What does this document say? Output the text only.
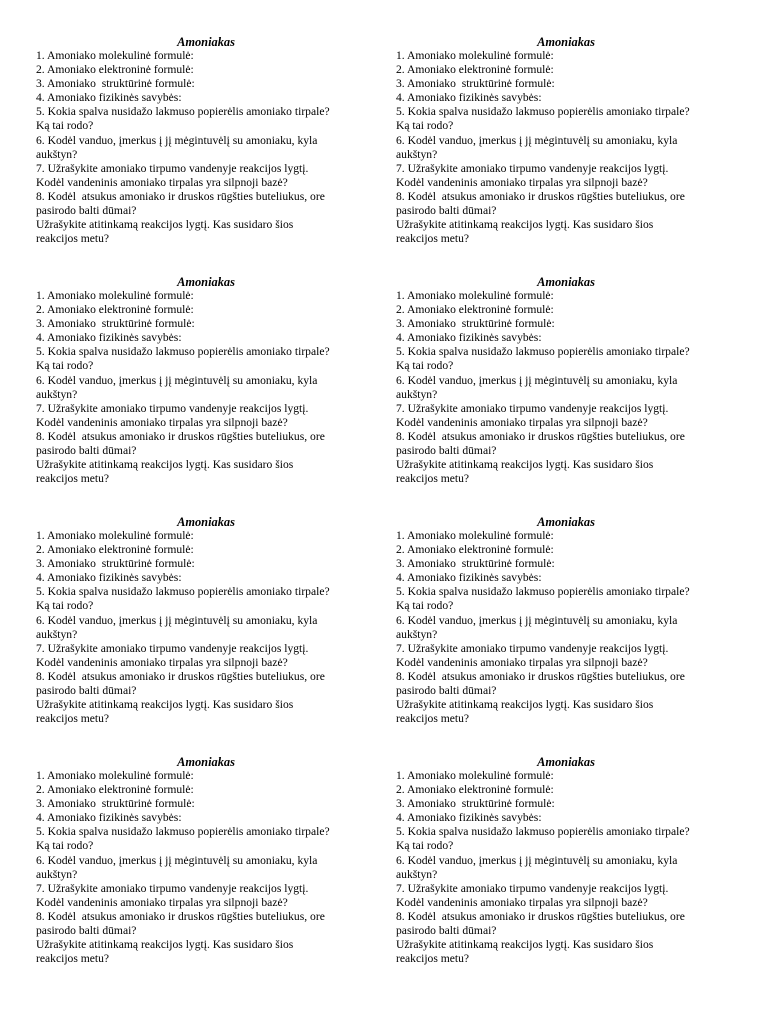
Amoniakas
1. Amoniako molekulinė formulė:
2. Amoniako elektroninė formulė:
3. Amoniako  struktūrinė formulė:
4. Amoniako fizikinės savybės:
5. Kokia spalva nusidažo lakmuso popierėlis amoniako tirpale?
Ką tai rodo?
6. Kodėl vanduo, įmerkus į jį mėgintuvėlį su amoniaku, kyla
aukštyn?
7. Užrašykite amoniako tirpumo vandenyje reakcijos lygtį.
Kodėl vandeninis amoniako tirpalas yra silpnoji bazė?
8. Kodėl  atsukus amoniako ir druskos rūgšties buteliukus, ore
pasirodo balti dūmai?
Užrašykite atitinkamą reakcijos lygtį. Kas susidaro šios
reakcijos metu?
Amoniakas
1. Amoniako molekulinė formulė:
2. Amoniako elektroninė formulė:
3. Amoniako  struktūrinė formulė:
4. Amoniako fizikinės savybės:
5. Kokia spalva nusidažo lakmuso popierėlis amoniako tirpale?
Ką tai rodo?
6. Kodėl vanduo, įmerkus į jį mėgintuvėlį su amoniaku, kyla
aukštyn?
7. Užrašykite amoniako tirpumo vandenyje reakcijos lygtį.
Kodėl vandeninis amoniako tirpalas yra silpnoji bazė?
8. Kodėl  atsukus amoniako ir druskos rūgšties buteliukus, ore
pasirodo balti dūmai?
Užrašykite atitinkamą reakcijos lygtį. Kas susidaro šios
reakcijos metu?
Amoniakas
1. Amoniako molekulinė formulė:
2. Amoniako elektroninė formulė:
3. Amoniako  struktūrinė formulė:
4. Amoniako fizikinės savybės:
5. Kokia spalva nusidažo lakmuso popierėlis amoniako tirpale?
Ką tai rodo?
6. Kodėl vanduo, įmerkus į jį mėgintuvėlį su amoniaku, kyla
aukštyn?
7. Užrašykite amoniako tirpumo vandenyje reakcijos lygtį.
Kodėl vandeninis amoniako tirpalas yra silpnoji bazė?
8. Kodėl  atsukus amoniako ir druskos rūgšties buteliukus, ore
pasirodo balti dūmai?
Užrašykite atitinkamą reakcijos lygtį. Kas susidaro šios
reakcijos metu?
Amoniakas
1. Amoniako molekulinė formulė:
2. Amoniako elektroninė formulė:
3. Amoniako  struktūrinė formulė:
4. Amoniako fizikinės savybės:
5. Kokia spalva nusidažo lakmuso popierėlis amoniako tirpale?
Ką tai rodo?
6. Kodėl vanduo, įmerkus į jį mėgintuvėlį su amoniaku, kyla
aukštyn?
7. Užrašykite amoniako tirpumo vandenyje reakcijos lygtį.
Kodėl vandeninis amoniako tirpalas yra silpnoji bazė?
8. Kodėl  atsukus amoniako ir druskos rūgšties buteliukus, ore
pasirodo balti dūmai?
Užrašykite atitinkamą reakcijos lygtį. Kas susidaro šios
reakcijos metu?
Amoniakas
1. Amoniako molekulinė formulė:
2. Amoniako elektroninė formulė:
3. Amoniako  struktūrinė formulė:
4. Amoniako fizikinės savybės:
5. Kokia spalva nusidažo lakmuso popierėlis amoniako tirpale?
Ką tai rodo?
6. Kodėl vanduo, įmerkus į jį mėgintuvėlį su amoniaku, kyla
aukštyn?
7. Užrašykite amoniako tirpumo vandenyje reakcijos lygtį.
Kodėl vandeninis amoniako tirpalas yra silpnoji bazė?
8. Kodėl  atsukus amoniako ir druskos rūgšties buteliukus, ore
pasirodo balti dūmai?
Užrašykite atitinkamą reakcijos lygtį. Kas susidaro šios
reakcijos metu?
Amoniakas
1. Amoniako molekulinė formulė:
2. Amoniako elektroninė formulė:
3. Amoniako  struktūrinė formulė:
4. Amoniako fizikinės savybės:
5. Kokia spalva nusidažo lakmuso popierėlis amoniako tirpale?
Ką tai rodo?
6. Kodėl vanduo, įmerkus į jį mėgintuvėlį su amoniaku, kyla
aukštyn?
7. Užrašykite amoniako tirpumo vandenyje reakcijos lygtį.
Kodėl vandeninis amoniako tirpalas yra silpnoji bazė?
8. Kodėl  atsukus amoniako ir druskos rūgšties buteliukus, ore
pasirodo balti dūmai?
Užrašykite atitinkamą reakcijos lygtį. Kas susidaro šios
reakcijos metu?
Amoniakas
1. Amoniako molekulinė formulė:
2. Amoniako elektroninė formulė:
3. Amoniako  struktūrinė formulė:
4. Amoniako fizikinės savybės:
5. Kokia spalva nusidažo lakmuso popierėlis amoniako tirpale?
Ką tai rodo?
6. Kodėl vanduo, įmerkus į jį mėgintuvėlį su amoniaku, kyla
aukštyn?
7. Užrašykite amoniako tirpumo vandenyje reakcijos lygtį.
Kodėl vandeninis amoniako tirpalas yra silpnoji bazė?
8. Kodėl  atsukus amoniako ir druskos rūgšties buteliukus, ore
pasirodo balti dūmai?
Užrašykite atitinkamą reakcijos lygtį. Kas susidaro šios
reakcijos metu?
Amoniakas
1. Amoniako molekulinė formulė:
2. Amoniako elektroninė formulė:
3. Amoniako  struktūrinė formulė:
4. Amoniako fizikinės savybės:
5. Kokia spalva nusidažo lakmuso popierėlis amoniako tirpale?
Ką tai rodo?
6. Kodėl vanduo, įmerkus į jį mėgintuvėlį su amoniaku, kyla
aukštyn?
7. Užrašykite amoniako tirpumo vandenyje reakcijos lygtį.
Kodėl vandeninis amoniako tirpalas yra silpnoji bazė?
8. Kodėl  atsukus amoniako ir druskos rūgšties buteliukus, ore
pasirodo balti dūmai?
Užrašykite atitinkamą reakcijos lygtį. Kas susidaro šios
reakcijos metu?
